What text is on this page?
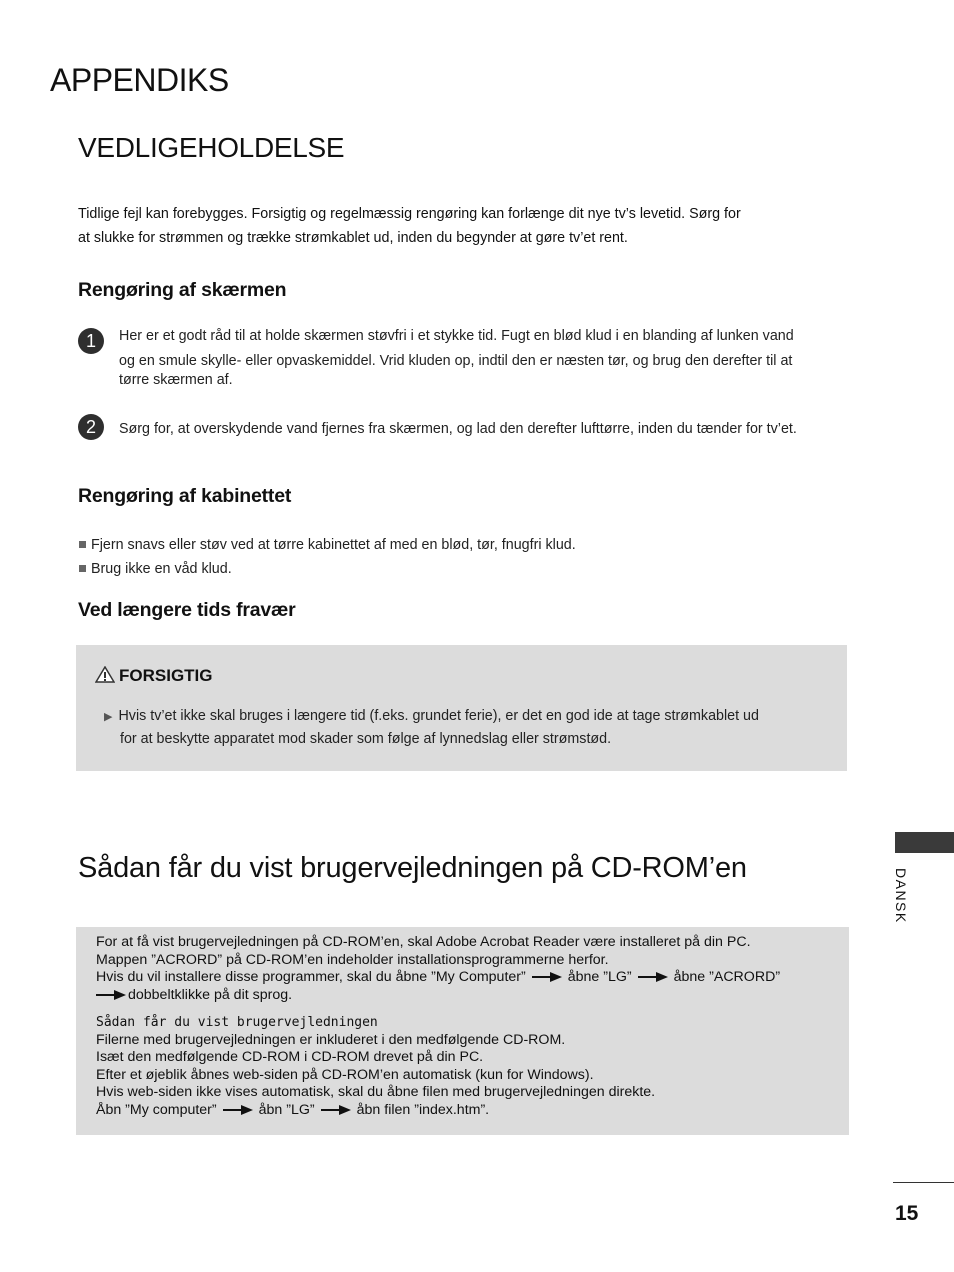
APPENDIKS
VEDLIGEHOLDELSE
Tidlige fejl kan forebygges. Forsigtig og regelmæssig rengøring kan forlænge dit nye tv’s levetid. Sørg for
at slukke for strømmen og trække strømkablet ud, inden du begynder at gøre tv’et rent.
Rengøring af skærmen
1	Her er et godt råd til at holde skærmen støvfri i et stykke tid. Fugt en blød klud i en blanding af lunken vand
og en smule skylle- eller opvaskemiddel. Vrid kluden op, indtil den er næsten tør, og brug den derefter til at
tørre skærmen af.
2	Sørg for, at overskydende vand fjernes fra skærmen, og lad den derefter lufttørre, inden du tænder for tv’et.
Rengøring af kabinettet
Fjern snavs eller støv ved at tørre kabinettet af med en blød, tør, fnugfri klud.
Brug ikke en våd klud.
Ved længere tids fravær
FORSIGTIG
▶ Hvis tv’et ikke skal bruges i længere tid (f.eks. grundet ferie), er det en god ide at tage strømkablet ud
for at beskytte apparatet mod skader som følge af lynnedslag eller strømstød.
Sådan får du vist brugervejledningen på CD-ROM’en
For at få vist brugervejledningen på CD-ROM’en, skal Adobe Acrobat Reader være installeret på din PC.
Mappen ”ACRORD” på CD-ROM’en indeholder installationsprogrammerne herfor.
Hvis du vil installere disse programmer, skal du åbne ”My Computer”	åbne ”LG”	åbne ”ACRORD”
dobbeltklikke på dit sprog.
Sådan får du vist brugervejledningen
Filerne med brugervejledningen er inkluderet i den medfølgende CD-ROM.
Isæt den medfølgende CD-ROM i CD-ROM drevet på din PC.
Efter et øjeblik åbnes web-siden på CD-ROM’en automatisk (kun for Windows).
Hvis web-siden ikke vises automatisk, skal du åbne filen med brugervejledningen direkte.
Åbn ”My computer”	åbn ”LG”	åbn filen ”index.htm”.
DANSK
15
